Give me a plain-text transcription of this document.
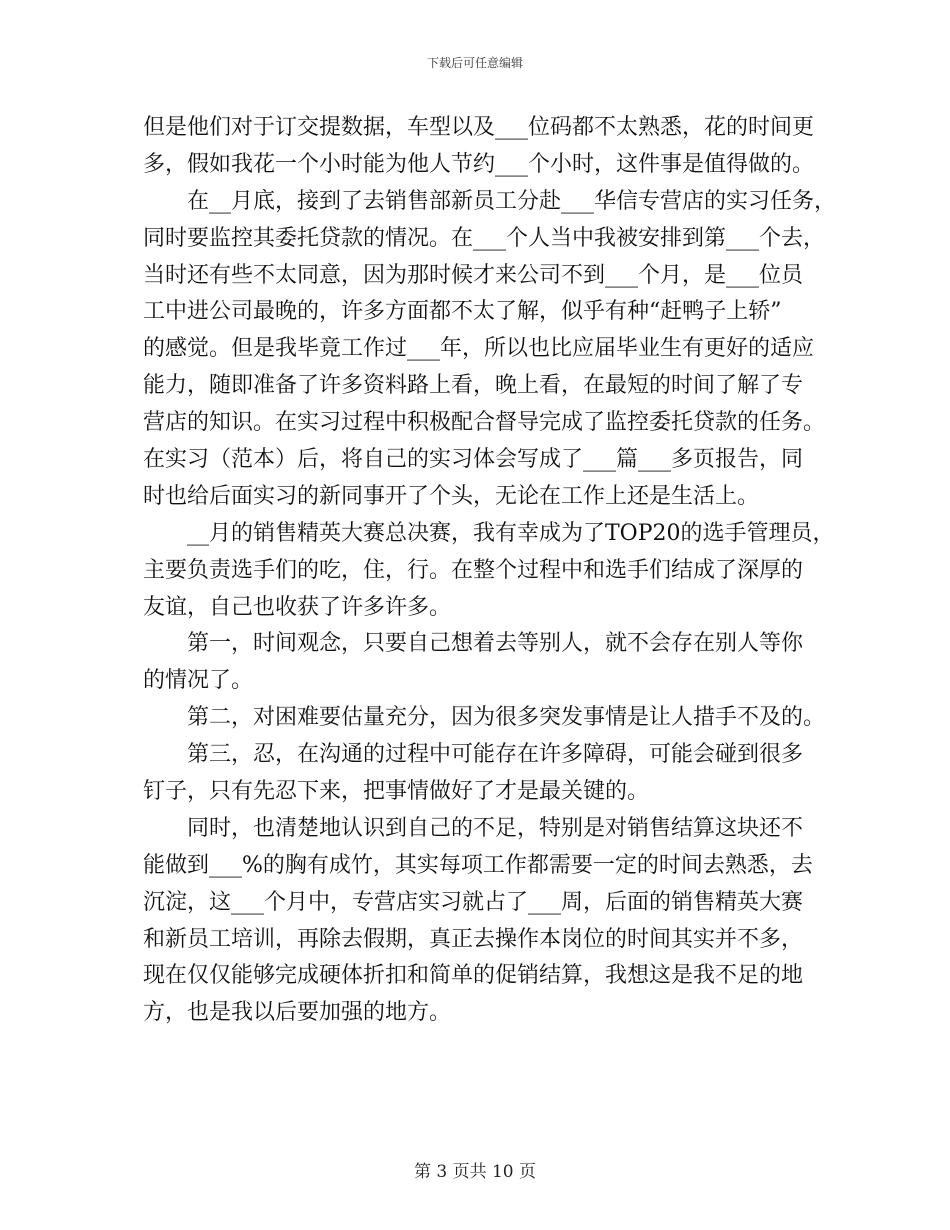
下载后可任意编辑
但是他们对于订交提数据，车型以及___位码都不太熟悉，花的时间更
多，假如我花一个小时能为他人节约___个小时，这件事是值得做的。
　　在__月底，接到了去销售部新员工分赴___华信专营店的实习任务，
同时要监控其委托贷款的情况。在___个人当中我被安排到第___个去，
当时还有些不太同意，因为那时候才来公司不到___个月，是___位员
工中进公司最晚的，许多方面都不太了解，似乎有种“赶鸭子上轿”
的感觉。但是我毕竟工作过___年，所以也比应届毕业生有更好的适应
能力，随即准备了许多资料路上看，晚上看，在最短的时间了解了专
营店的知识。在实习过程中积极配合督导完成了监控委托贷款的任务。
在实习（范本）后，将自己的实习体会写成了___篇___多页报告，同
时也给后面实习的新同事开了个头，无论在工作上还是生活上。
　　__月的销售精英大赛总决赛，我有幸成为了TOP20的选手管理员，
主要负责选手们的吃，住，行。在整个过程中和选手们结成了深厚的
友谊，自己也收获了许多许多。
　　第一，时间观念，只要自己想着去等别人，就不会存在别人等你
的情况了。
　　第二，对困难要估量充分，因为很多突发事情是让人措手不及的。
　　第三，忍，在沟通的过程中可能存在许多障碍，可能会碰到很多
钉子，只有先忍下来，把事情做好了才是最关键的。
　　同时，也清楚地认识到自己的不足，特别是对销售结算这块还不
能做到___%的胸有成竹，其实每项工作都需要一定的时间去熟悉，去
沉淀，这___个月中，专营店实习就占了___周，后面的销售精英大赛
和新员工培训，再除去假期，真正去操作本岗位的时间其实并不多，
现在仅仅能够完成硬体折扣和简单的促销结算，我想这是我不足的地
方，也是我以后要加强的地方。
第 3 页共 10 页
